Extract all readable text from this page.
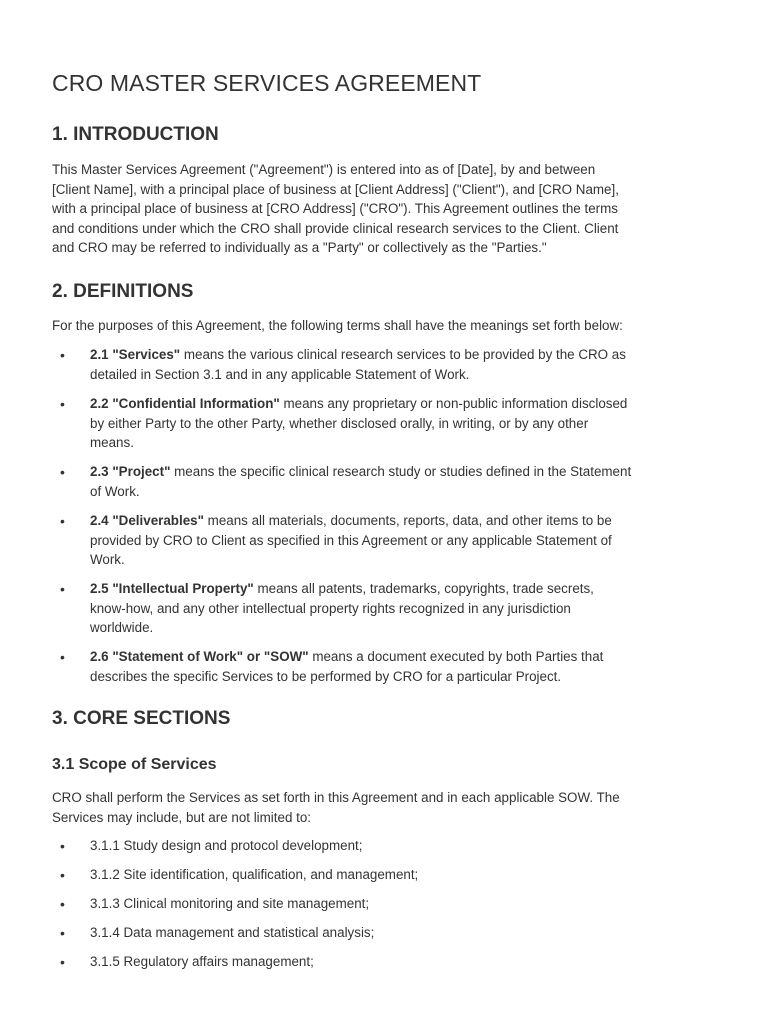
CRO MASTER SERVICES AGREEMENT
1. INTRODUCTION

This Master Services Agreement ("Agreement") is entered into as of [Date], by and between
[Client Name], with a principal place of business at [Client Address] ("Client"), and [CRO Name],
with a principal place of business at [CRO Address] ("CRO"). This Agreement outlines the terms
and conditions under which the CRO shall provide clinical research services to the Client. Client
and CRO may be referred to individually as a "Party" or collectively as the "Parties."

2. DEFINITIONS

For the purposes of this Agreement, the following terms shall have the meanings set forth below:

•	2.1 "Services" means the various clinical research services to be provided by the CRO as
detailed in Section 3.1 and in any applicable Statement of Work.
•	2.2 "Confidential Information" means any proprietary or non-public information disclosed
by either Party to the other Party, whether disclosed orally, in writing, or by any other
means.
•	2.3 "Project" means the specific clinical research study or studies defined in the Statement
of Work.
•	2.4 "Deliverables" means all materials, documents, reports, data, and other items to be
provided by CRO to Client as specified in this Agreement or any applicable Statement of
Work.
•	2.5 "Intellectual Property" means all patents, trademarks, copyrights, trade secrets,
know-how, and any other intellectual property rights recognized in any jurisdiction
worldwide.
•	2.6 "Statement of Work" or "SOW" means a document executed by both Parties that
describes the specific Services to be performed by CRO for a particular Project.
3. CORE SECTIONS
3.1 Scope of Services

CRO shall perform the Services as set forth in this Agreement and in each applicable SOW. The
Services may include, but are not limited to:

•	3.1.1 Study design and protocol development;
•	3.1.2 Site identification, qualification, and management;
•	3.1.3 Clinical monitoring and site management;
•	3.1.4 Data management and statistical analysis;
•	3.1.5 Regulatory affairs management;
